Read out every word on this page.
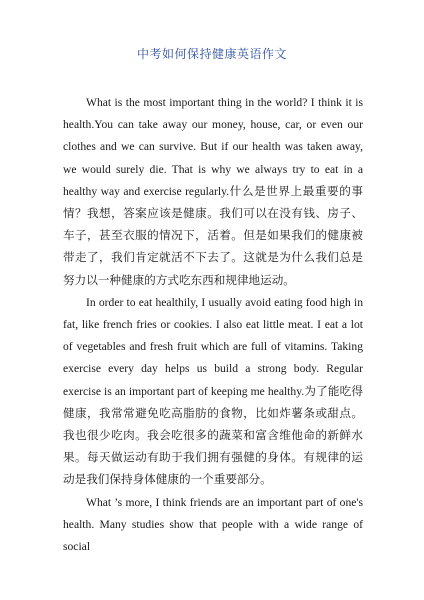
中考如何保持健康英语作文

What is the most important thing in the world? I think it is health.You can take away our money, house, car, or even our clothes and we can survive. But if our health was taken away, we would surely die. That is why we always try to eat in a healthy way and exercise regularly.什么是世界上最重要的事情？我想，答案应该是健康。我们可以在没有钱、房子、车子，甚至衣服的情况下，活着。但是如果我们的健康被带走了，我们肯定就活不下去了。这就是为什么我们总是努力以一种健康的方式吃东西和规律地运动。

In order to eat healthily, I usually avoid eating food high in fat, like french fries or cookies. I also eat little meat. I eat a lot of vegetables and fresh fruit which are full of vitamins. Taking exercise every day helps us build a strong body. Regular exercise is an important part of keeping me healthy.为了能吃得健康，我常常避免吃高脂肪的食物，比如炸薯条或甜点。我也很少吃肉。我会吃很多的蔬菜和富含维他命的新鲜水果。每天做运动有助于我们拥有强健的身体。有规律的运动是我们保持身体健康的一个重要部分。

What ’s more, I think friends are an important part of one's health. Many studies show that people with a wide range of social
